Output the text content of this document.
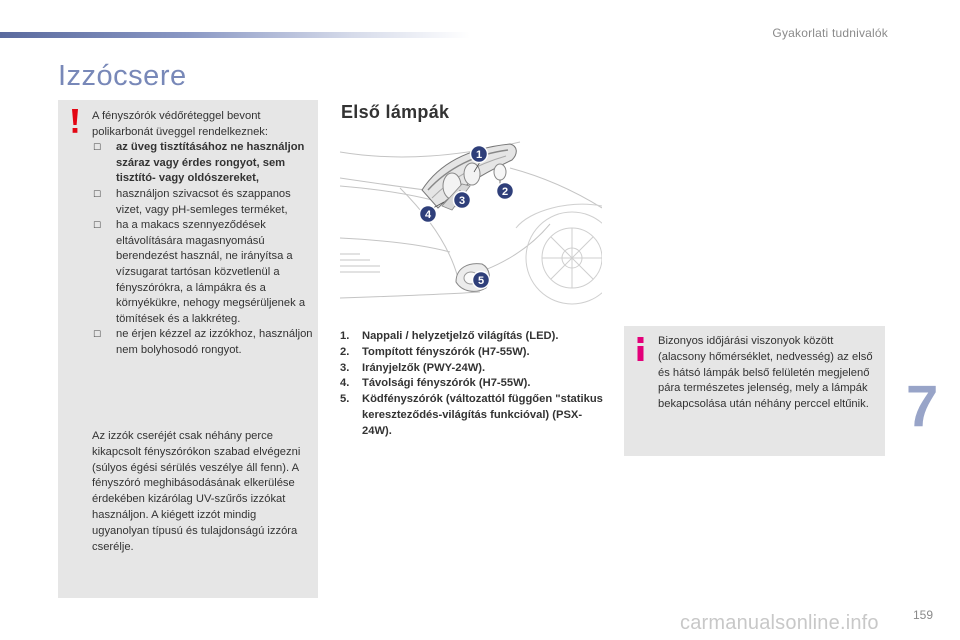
Gyakorlati tudnivalók
Izzócsere
A fényszórók védőréteggel bevont polikarbonát üveggel rendelkeznek:
☐	az üveg tisztításához ne használjon száraz vagy érdes rongyot, sem tisztító- vagy oldószereket,
☐	használjon szivacsot és szappanos vizet, vagy pH-semleges terméket,
☐	ha a makacs szennyeződések eltávolítására magasnyomású berendezést használ, ne irányítsa a vízsugarat tartósan közvetlenül a fényszórókra, a lámpákra és a környékükre, nehogy megsérüljenek a tömítések és a lakkréteg.
☐	ne érjen kézzel az izzókhoz, használjon nem bolyhosodó rongyot.
Az izzók cseréjét csak néhány perce kikapcsolt fényszórókon szabad elvégezni (súlyos égési sérülés veszélye áll fenn). A fényszóró meghibásodásának elkerülése érdekében kizárólag UV-szűrős izzókat használjon. A kiégett izzót mindig ugyanolyan típusú és tulajdonságú izzóra cserélje.
Első lámpák
1
2
3
4
5
1.	Nappali / helyzetjelző világítás (LED).
2.	Tompított fényszórók (H7-55W).
3.	Irányjelzők (PWY-24W).
4.	Távolsági fényszórók (H7-55W).
5.	Ködfényszórók (változattól függően "statikus kereszteződés-világítás funkcióval) (PSX-24W).
Bizonyos időjárási viszonyok között (alacsony hőmérséklet, nedvesség) az első és hátsó lámpák belső felületén megjelenő pára természetes jelenség, mely a lámpák bekapcsolása után néhány perccel eltűnik. 7
carmanualsonline.info	159
